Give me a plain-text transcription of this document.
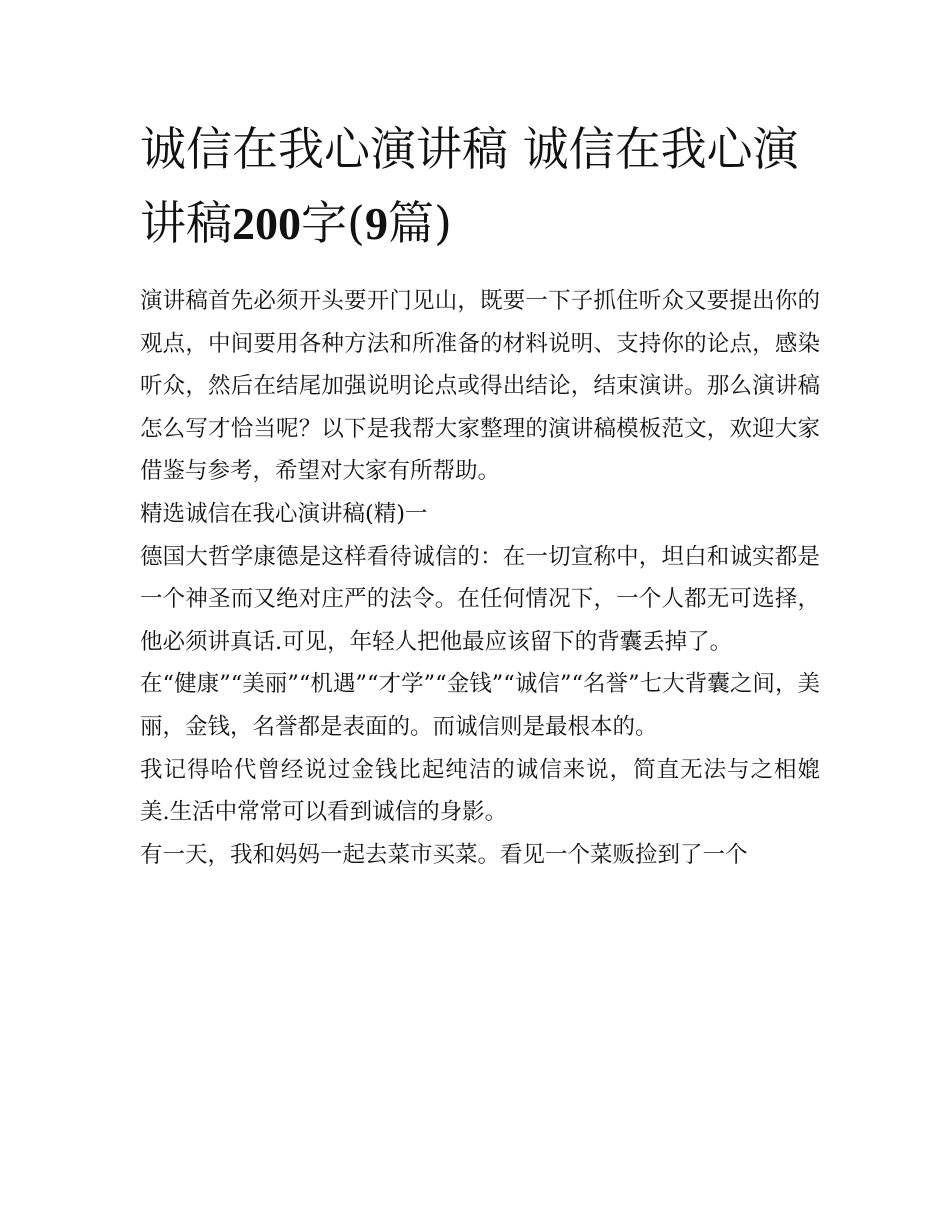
诚信在我心演讲稿 诚信在我心演讲稿200字(9篇)

演讲稿首先必须开头要开门见山，既要一下子抓住听众又要提出你的观点，中间要用各种方法和所准备的材料说明、支持你的论点，感染听众，然后在结尾加强说明论点或得出结论，结束演讲。那么演讲稿怎么写才恰当呢？以下是我帮大家整理的演讲稿模板范文，欢迎大家借鉴与参考，希望对大家有所帮助。

精选诚信在我心演讲稿(精)一

德国大哲学康德是这样看待诚信的：在一切宣称中，坦白和诚实都是一个神圣而又绝对庄严的法令。在任何情况下，一个人都无可选择，他必须讲真话.可见，年轻人把他最应该留下的背囊丢掉了。

在“健康”“美丽”“机遇”“才学”“金钱”“诚信”“名誉”七大背囊之间，美丽，金钱，名誉都是表面的。而诚信则是最根本的。

我记得哈代曾经说过金钱比起纯洁的诚信来说，简直无法与之相媲美.生活中常常可以看到诚信的身影。

有一天，我和妈妈一起去菜市买菜。看见一个菜贩捡到了一个
